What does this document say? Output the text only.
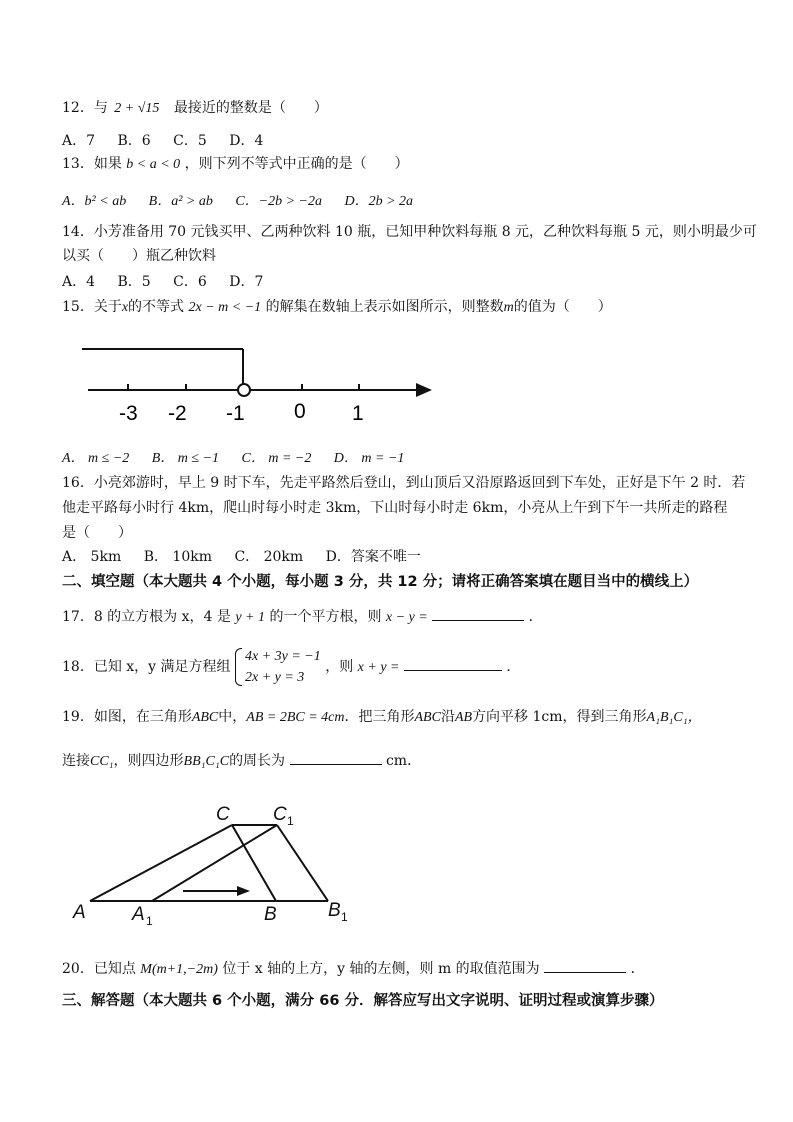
12．与 2 + √15 最接近的整数是（　　）
A．7 B．6 C．5 D．4
13．如果 b < a < 0 ，则下列不等式中正确的是（　　）
A．b² < ab B．a² > ab C．−2b > −2a D．2b > 2a
14．小芳准备用 70 元钱买甲、乙两种饮料 10 瓶，已知甲种饮料每瓶 8 元，乙种饮料每瓶 5 元，则小明最少可
以买（　　）瓶乙种饮料
A．4 B．5 C．6 D．7
15．关于x的不等式 2x − m < −1 的解集在数轴上表示如图所示，则整数m的值为（　　）
-3 -2 -1 0 1
A． m ≤ −2 B． m ≤ −1 C． m = −2 D． m = −1
16．小亮郊游时，早上 9 时下车，先走平路然后登山，到山顶后又沿原路返回到下车处，正好是下午 2 时．若
他走平路每小时行 4km，爬山时每小时走 3km，下山时每小时走 6km，小亮从上午到下午一共所走的路程
是（　　）
A． 5km B． 10km C． 20km D．答案不唯一
二、填空题（本大题共 4 个小题，每小题 3 分，共 12 分；请将正确答案填在题目当中的横线上）
17．8 的立方根为 x，4 是 y + 1 的一个平方根，则 x − y =	．
18．已知 x，y 满足方程组
4x + 3y = −1
2x + y = 3
，则 x + y =	．
19．如图，在三角形ABC中，AB = 2BC = 4cm．把三角形ABC沿AB方向平移 1cm，得到三角形A₁B₁C₁，
连接CC₁，则四边形BB₁C₁C的周长为	cm．
C C 1
A A 1	B	B 1
20．已知点 M(m+1,−2m) 位于 x 轴的上方，y 轴的左侧，则 m 的取值范围为	．
三、解答题（本大题共 6 个小题，满分 66 分．解答应写出文字说明、证明过程或演算步骤）
